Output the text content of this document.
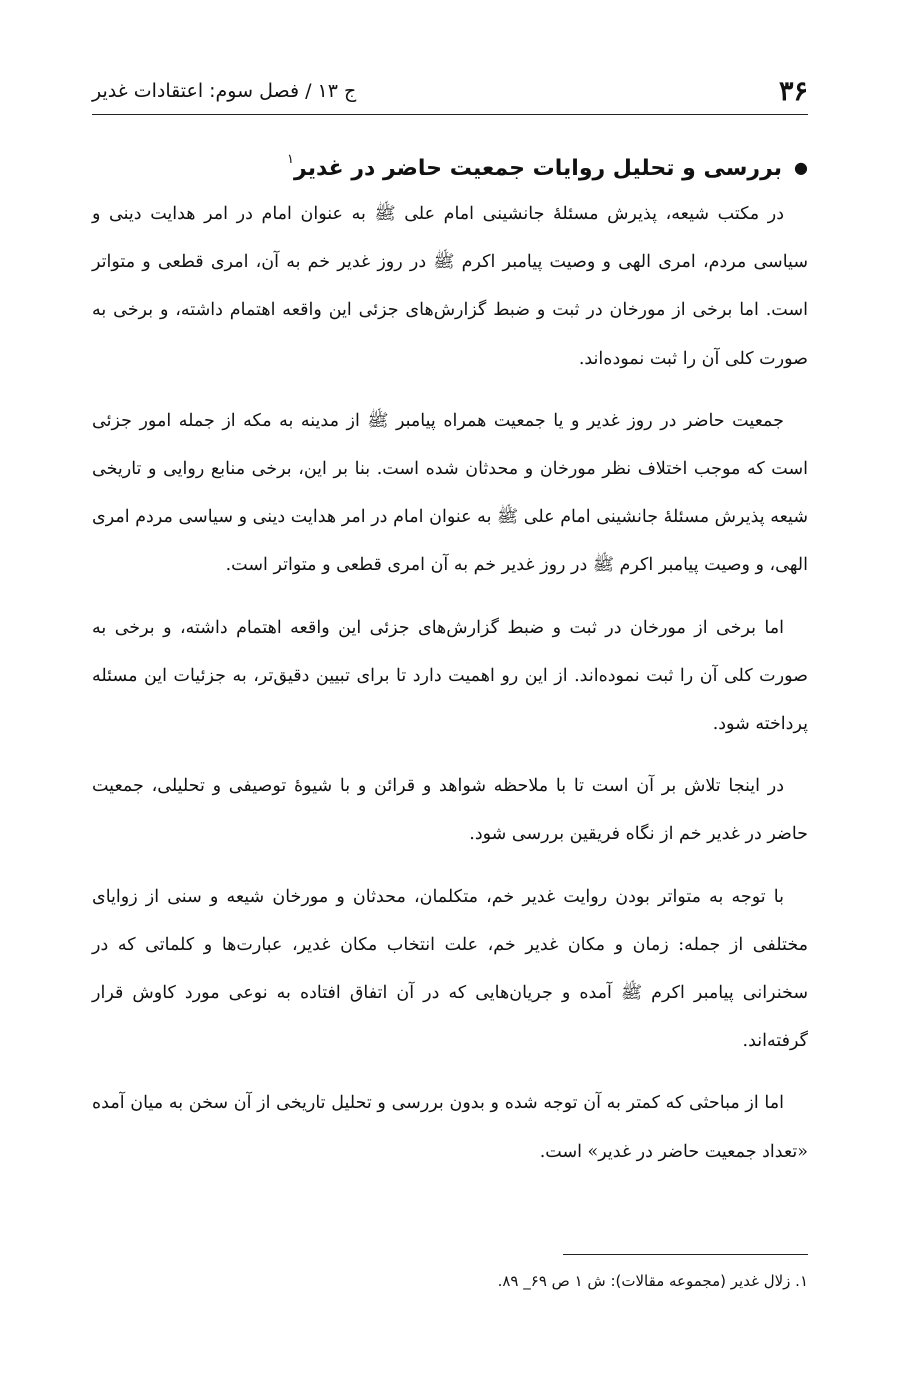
۳۶
ج ۱۳ / فصل سوم: اعتقادات غدیر
●بررسی و تحلیل روایات جمعیت حاضر در غدیر$^۱$

در مکتب شیعه، پذیرش مسئلهٔ جانشینی امام علی ﷺ به عنوان امام در امر هدایت دینی و سیاسی مردم، امری الهی و وصیت پیامبر اکرم ﷺ در روز غدیر خم به آن، امری قطعی و متواتر است. اما برخی از مورخان در ثبت و ضبط گزارش‌های جزئی این واقعه اهتمام داشته، و برخی به صورت کلی آن را ثبت نموده‌اند.

جمعیت حاضر در روز غدیر و یا جمعیت همراه پیامبر ﷺ از مدینه به مکه از جمله امور جزئی است که موجب اختلاف نظر مورخان و محدثان شده است. بنا بر این، برخی منابع روایی و تاریخی شیعه پذیرش مسئلهٔ جانشینی امام علی ﷺ به عنوان امام در امر هدایت دینی و سیاسی مردم امری الهی، و وصیت پیامبر اکرم ﷺ در روز غدیر خم به آن امری قطعی و متواتر است.

اما برخی از مورخان در ثبت و ضبط گزارش‌های جزئی این واقعه اهتمام داشته، و برخی به صورت کلی آن را ثبت نموده‌اند. از این رو اهمیت دارد تا برای تبیین دقیق‌تر، به جزئیات این مسئله پرداخته شود.

در اینجا تلاش بر آن است تا با ملاحظه شواهد و قرائن و با شیوهٔ توصیفی و تحلیلی، جمعیت حاضر در غدیر خم از نگاه فریقین بررسی شود.

با توجه به متواتر بودن روایت غدیر خم، متکلمان، محدثان و مورخان شیعه و سنی از زوایای مختلفی از جمله: زمان و مکان غدیر خم، علت انتخاب مکان غدیر، عبارت‌ها و کلماتی که در سخنرانی پیامبر اکرم ﷺ آمده و جریان‌هایی که در آن اتفاق افتاده به نوعی مورد کاوش قرار گرفته‌اند.

اما از مباحثی که کمتر به آن توجه شده و بدون بررسی و تحلیل تاریخی از آن سخن به میان آمده «تعداد جمعیت حاضر در غدیر» است.

۱. زلال غدیر (مجموعه مقالات): ش ۱ ص ۶۹_ ۸۹.
